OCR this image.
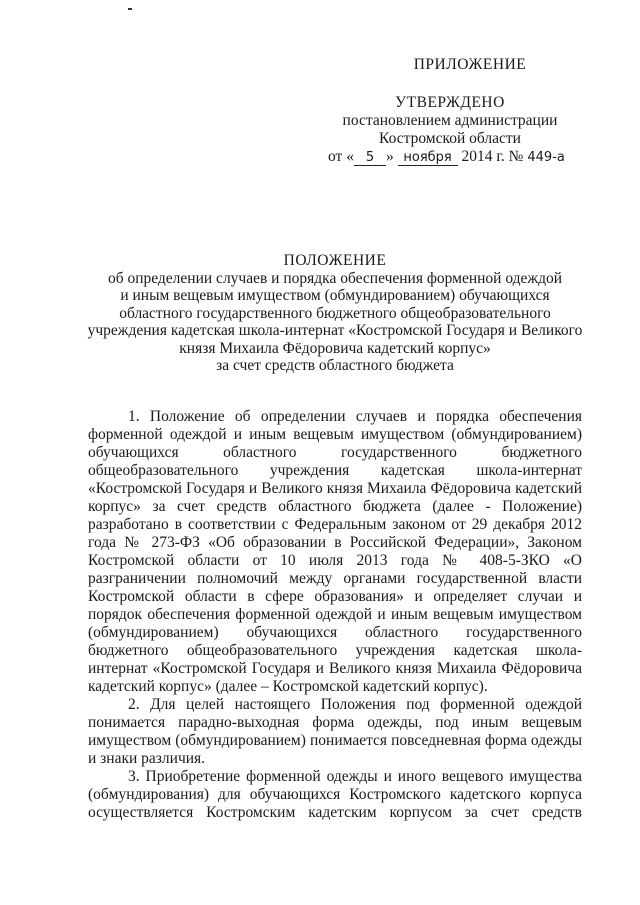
ПРИЛОЖЕНИЕ
УТВЕРЖДЕНО
постановлением администрации
Костромской области
от « 5 » ноября 2014 г. № 449-а
ПОЛОЖЕНИЕ
об определении случаев и порядка обеспечения форменной одеждой
и иным вещевым имуществом (обмундированием) обучающихся
областного государственного бюджетного общеобразовательного
учреждения кадетская школа-интернат «Костромской Государя и Великого
князя Михаила Фёдоровича кадетский корпус»
за счет средств областного бюджета

1. Положение об определении случаев и порядка обеспечения форменной одеждой и иным вещевым имуществом (обмундированием) обучающихся областного государственного бюджетного общеобразовательного учреждения кадетская школа-интернат «Костромской Государя и Великого князя Михаила Фёдоровича кадетский корпус» за счет средств областного бюджета (далее - Положение) разработано в соответствии с Федеральным законом от 29 декабря 2012 года № 273-ФЗ «Об образовании в Российской Федерации», Законом Костромской области от 10 июля 2013 года № 408-5-ЗКО «О разграничении полномочий между органами государственной власти Костромской области в сфере образования» и определяет случаи и порядок обеспечения форменной одеждой и иным вещевым имуществом (обмундированием) обучающихся областного государственного бюджетного общеобразовательного учреждения кадетская школа-интернат «Костромской Государя и Великого князя Михаила Фёдоровича кадетский корпус» (далее – Костромской кадетский корпус).

2. Для целей настоящего Положения под форменной одеждой понимается парадно-выходная форма одежды, под иным вещевым имуществом (обмундированием) понимается повседневная форма одежды и знаки различия.

3. Приобретение форменной одежды и иного вещевого имущества (обмундирования) для обучающихся Костромского кадетского корпуса осуществляется Костромским кадетским корпусом за счет средств
